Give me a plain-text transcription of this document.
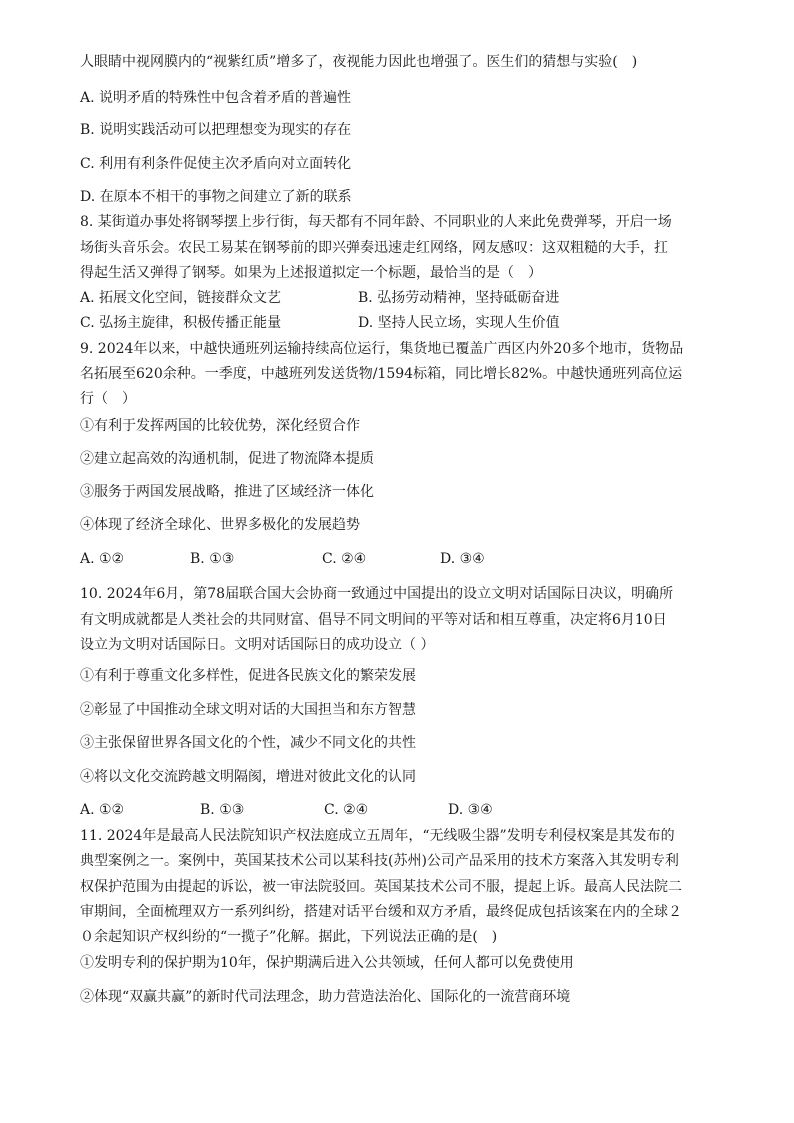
人眼睛中视网膜内的“视紫红质”增多了，夜视能力因此也增强了。医生们的猜想与实验(　)
A. 说明矛盾的特殊性中包含着矛盾的普遍性
B. 说明实践活动可以把理想变为现实的存在
C. 利用有利条件促使主次矛盾向对立面转化
D. 在原本不相干的事物之间建立了新的联系
8. 某街道办事处将钢琴摆上步行街，每天都有不同年龄、不同职业的人来此免费弹琴，开启一场
场街头音乐会。农民工易某在钢琴前的即兴弹奏迅速走红网络，网友感叹：这双粗糙的大手，扛
得起生活又弹得了钢琴。如果为上述报道拟定一个标题，最恰当的是（　）
A. 拓展文化空间，链接群众文艺	B. 弘扬劳动精神，坚持砥砺奋进
C. 弘扬主旋律，积极传播正能量	D. 坚持人民立场，实现人生价值
9. 2024年以来，中越快通班列运输持续高位运行，集货地已覆盖广西区内外20多个地市，货物品
名拓展至620余种。一季度，中越班列发送货物/1594标箱，同比增长82%。中越快通班列高位运
行（　）
①有利于发挥两国的比较优势，深化经贸合作
②建立起高效的沟通机制，促进了物流降本提质
③服务于两国发展战略，推进了区域经济一体化
④体现了经济全球化、世界多极化的发展趋势
A. ①②	B. ①③	C. ②④	D. ③④
10. 2024年6月，第78届联合国大会协商一致通过中国提出的设立文明对话国际日决议，明确所
有文明成就都是人类社会的共同财富、倡导不同文明间的平等对话和相互尊重，决定将6月10日
设立为文明对话国际日。文明对话国际日的成功设立（ ）
①有利于尊重文化多样性，促进各民族文化的繁荣发展
②彰显了中国推动全球文明对话的大国担当和东方智慧
③主张保留世界各国文化的个性，减少不同文化的共性
④将以文化交流跨越文明隔阂，增进对彼此文化的认同
A. ①②	B. ①③	C. ②④	D. ③④
11. 2024年是最高人民法院知识产权法庭成立五周年，“无线吸尘器”发明专利侵权案是其发布的
典型案例之一。案例中，英国某技术公司以某科技(苏州)公司产品采用的技术方案落入其发明专利
权保护范围为由提起的诉讼，被一审法院驳回。英国某技术公司不服，提起上诉。最高人民法院二
审期间，全面梳理双方一系列纠纷，搭建对话平台缓和双方矛盾，最终促成包括该案在内的全球２
０余起知识产权纠纷的“一揽子”化解。据此，下列说法正确的是(　)
①发明专利的保护期为10年，保护期满后进入公共领域，任何人都可以免费使用
②体现“双赢共赢”的新时代司法理念，助力营造法治化、国际化的一流营商环境
